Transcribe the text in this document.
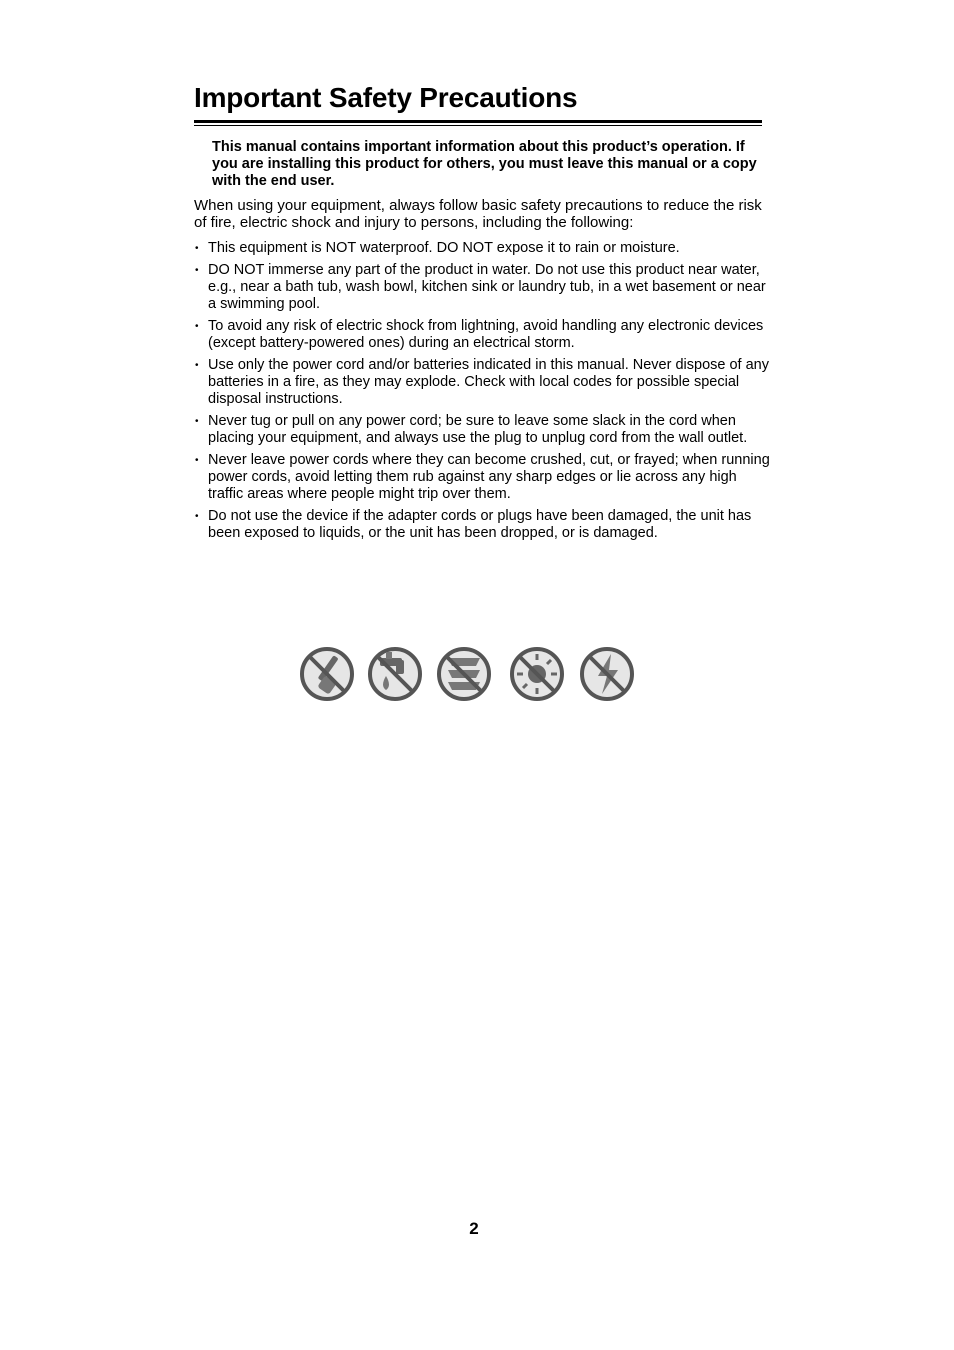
Important Safety Precautions

This manual contains important information about this product’s operation. If you are installing this product for others, you must leave this manual or a copy with the end user.

When using your equipment, always follow basic safety precautions to reduce the risk of fire, electric shock and injury to persons, including the following:

• This equipment is NOT waterproof. DO NOT expose it to rain or moisture.
• DO NOT immerse any part of the product in water. Do not use this product near water, e.g., near a bath tub, wash bowl, kitchen sink or laundry tub, in a wet basement or near a swimming pool.
• To avoid any risk of electric shock from lightning, avoid handling any electronic devices (except battery-powered ones) during an electrical storm.
• Use only the power cord and/or batteries indicated in this manual. Never dispose of any batteries in a fire, as they may explode. Check with local codes for possible special disposal instructions.
• Never tug or pull on any power cord; be sure to leave some slack in the cord when placing your equipment, and always use the plug to unplug cord from the wall outlet.
• Never leave power cords where they can become crushed, cut, or frayed; when running power cords, avoid letting them rub against any sharp edges or lie across any high traffic areas where people might trip over them.
• Do not use the device if the adapter cords or plugs have been damaged, the unit has been exposed to liquids, or the unit has been dropped, or is damaged.
2
